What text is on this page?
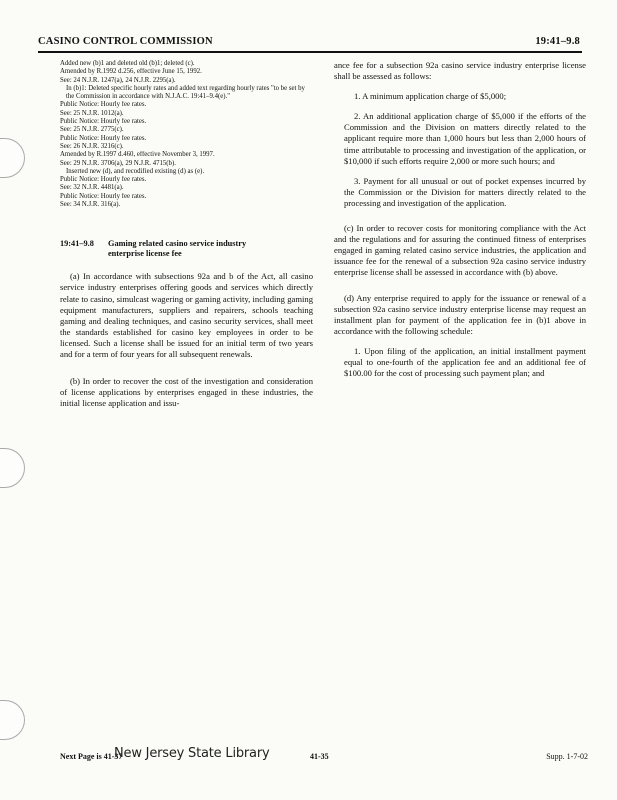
CASINO CONTROL COMMISSION	19:41–9.8

Added new (b)1 and deleted old (b)1; deleted (c).

Amended by R.1992 d.256, effective June 15, 1992.

See: 24 N.J.R. 1247(a), 24 N.J.R. 2295(a).

In (b)1: Deleted specific hourly rates and added text regarding hourly rates "to be set by the Commission in accordance with N.J.A.C. 19:41–9.4(e)."

Public Notice: Hourly fee rates.

See: 25 N.J.R. 1012(a).

Public Notice: Hourly fee rates.

See: 25 N.J.R. 2775(c).

Public Notice: Hourly fee rates.

See: 26 N.J.R. 3216(c).

Amended by R.1997 d.460, effective November 3, 1997.

See: 29 N.J.R. 3706(a), 29 N.J.R. 4715(b).

Inserted new (d), and recodified existing (d) as (e).

Public Notice: Hourly fee rates.

See: 32 N.J.R. 4481(a).

Public Notice: Hourly fee rates.

See: 34 N.J.R. 316(a).

19:41–9.8 Gaming related casino service industry
enterprise license fee

(a) In accordance with subsections 92a and b of the Act, all casino service industry enterprises offering goods and services which directly relate to casino, simulcast wagering or gaming activity, including gaming equipment manufacturers, suppliers and repairers, schools teaching gaming and dealing techniques, and casino security services, shall meet the standards established for casino key employees in order to be licensed. Such a license shall be issued for an initial term of two years and for a term of four years for all subsequent renewals.

(b) In order to recover the cost of the investigation and consideration of license applications by enterprises engaged in these industries, the initial license application and issu-

ance fee for a subsection 92a casino service industry enterprise license shall be assessed as follows:

1. A minimum application charge of $5,000;

2. An additional application charge of $5,000 if the efforts of the Commission and the Division on matters directly related to the applicant require more than 1,000 hours but less than 2,000 hours of time attributable to processing and investigation of the application, or $10,000 if such efforts require 2,000 or more such hours; and

3. Payment for all unusual or out of pocket expenses incurred by the Commission or the Division for matters directly related to the processing and investigation of the application.

(c) In order to recover costs for monitoring compliance with the Act and the regulations and for assuring the continued fitness of enterprises engaged in gaming related casino service industries, the application and issuance fee for the renewal of a subsection 92a casino service industry enterprise license shall be assessed in accordance with (b) above.

(d) Any enterprise required to apply for the issuance or renewal of a subsection 92a casino service industry enterprise license may request an installment plan for payment of the application fee in (b)1 above in accordance with the following schedule:

1. Upon filing of the application, an initial installment payment equal to one-fourth of the application fee and an additional fee of $100.00 for the cost of processing such payment plan; and

Next Page is 41-37
New Jersey State Library	41-35	Supp. 1-7-02
